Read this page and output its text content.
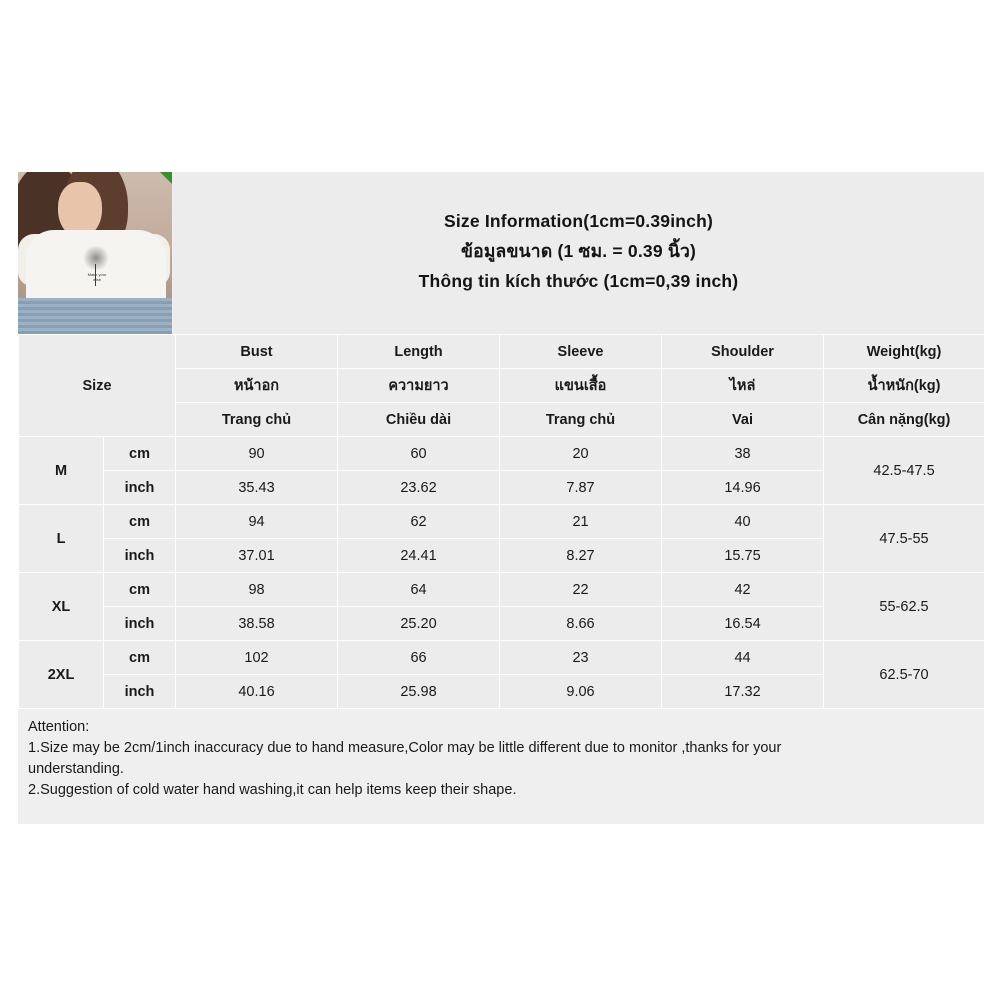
Make your wish
Size Information(1cm=0.39inch)
ข้อมูลขนาด (1 ซม. = 0.39 นิ้ว)
Thông tin kích thước (1cm=0,39 inch)
Size		Bust	Length	Sleeve	Shoulder	Weight(kg)
		หน้าอก	ความยาว	แขนเสื้อ	ไหล่	น้ำหนัก(kg)
		Trang chủ	Chiều dài	Trang chủ	Vai	Cân nặng(kg)
M	cm	90	60	20	38	42.5-47.5
	inch	35.43	23.62	7.87	14.96	
L	cm	94	62	21	40	47.5-55
	inch	37.01	24.41	8.27	15.75	
XL	cm	98	64	22	42	55-62.5
	inch	38.58	25.20	8.66	16.54	
2XL	cm	102	66	23	44	62.5-70
	inch	40.16	25.98	9.06	17.32	

Attention:

1.Size may be 2cm/1inch inaccuracy due to hand measure,Color may be little different due to monitor ,thanks for your

understanding.

2.Suggestion of cold water hand washing,it can help items keep their shape.
